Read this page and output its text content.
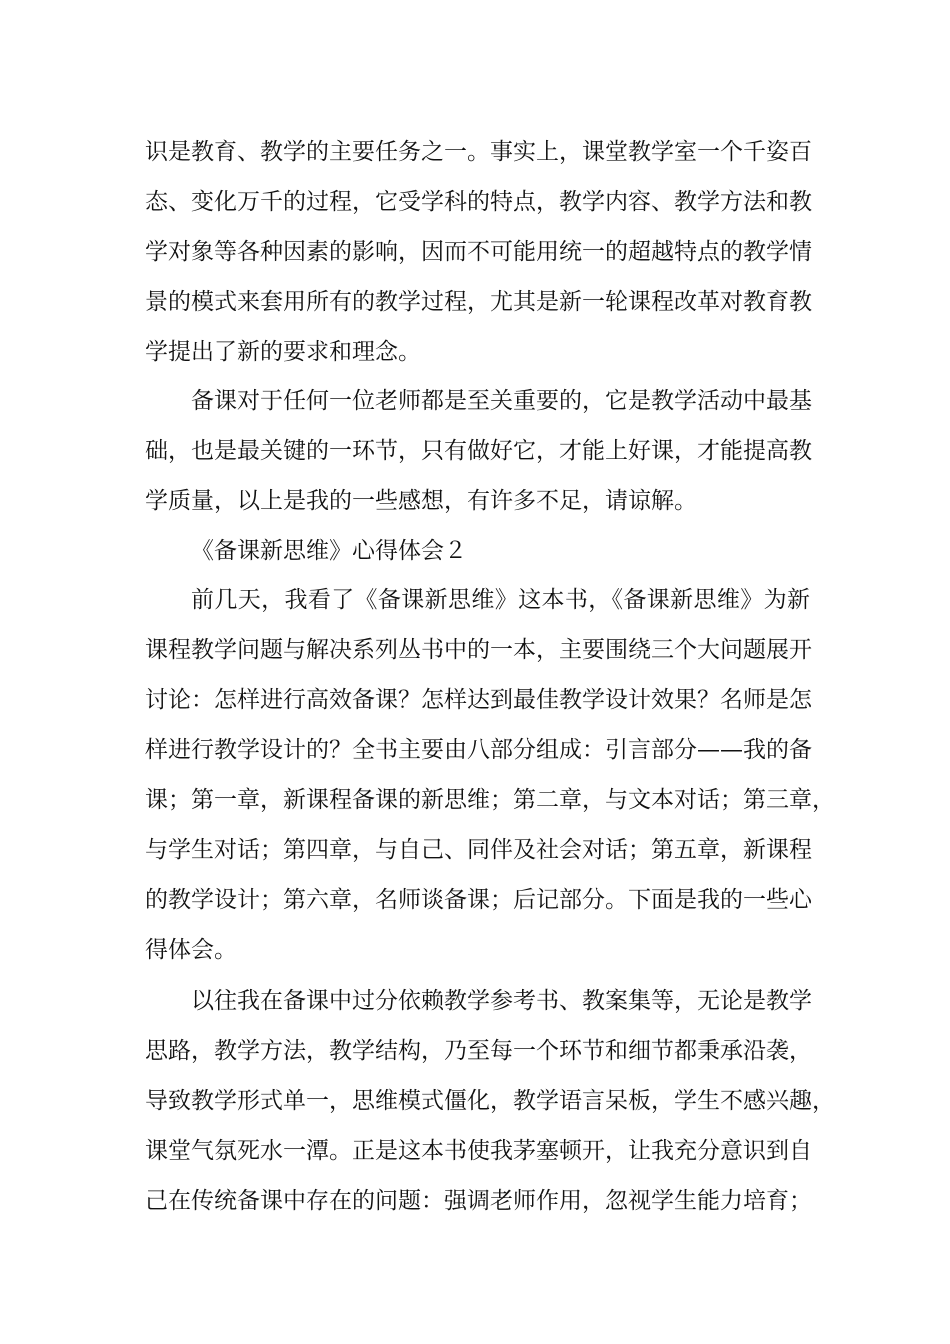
识是教育、教学的主要任务之一。事实上，课堂教学室一个千姿百
态、变化万千的过程，它受学科的特点，教学内容、教学方法和教
学对象等各种因素的影响，因而不可能用统一的超越特点的教学情
景的模式来套用所有的教学过程，尤其是新一轮课程改革对教育教
学提出了新的要求和理念。
备课对于任何一位老师都是至关重要的，它是教学活动中最基
础，也是最关键的一环节，只有做好它，才能上好课，才能提高教
学质量，以上是我的一些感想，有许多不足，请谅解。
《备课新思维》心得体会２
前几天，我看了《备课新思维》这本书，《备课新思维》为新
课程教学问题与解决系列丛书中的一本，主要围绕三个大问题展开
讨论：怎样进行高效备课？怎样达到最佳教学设计效果？名师是怎
样进行教学设计的？全书主要由八部分组成：引言部分——我的备
课；第一章，新课程备课的新思维；第二章，与文本对话；第三章，
与学生对话；第四章，与自己、同伴及社会对话；第五章，新课程
的教学设计；第六章，名师谈备课；后记部分。下面是我的一些心
得体会。
以往我在备课中过分依赖教学参考书、教案集等，无论是教学
思路，教学方法，教学结构，乃至每一个环节和细节都秉承沿袭，
导致教学形式单一，思维模式僵化，教学语言呆板，学生不感兴趣，
课堂气氛死水一潭。正是这本书使我茅塞顿开，让我充分意识到自
己在传统备课中存在的问题：强调老师作用，忽视学生能力培育；
